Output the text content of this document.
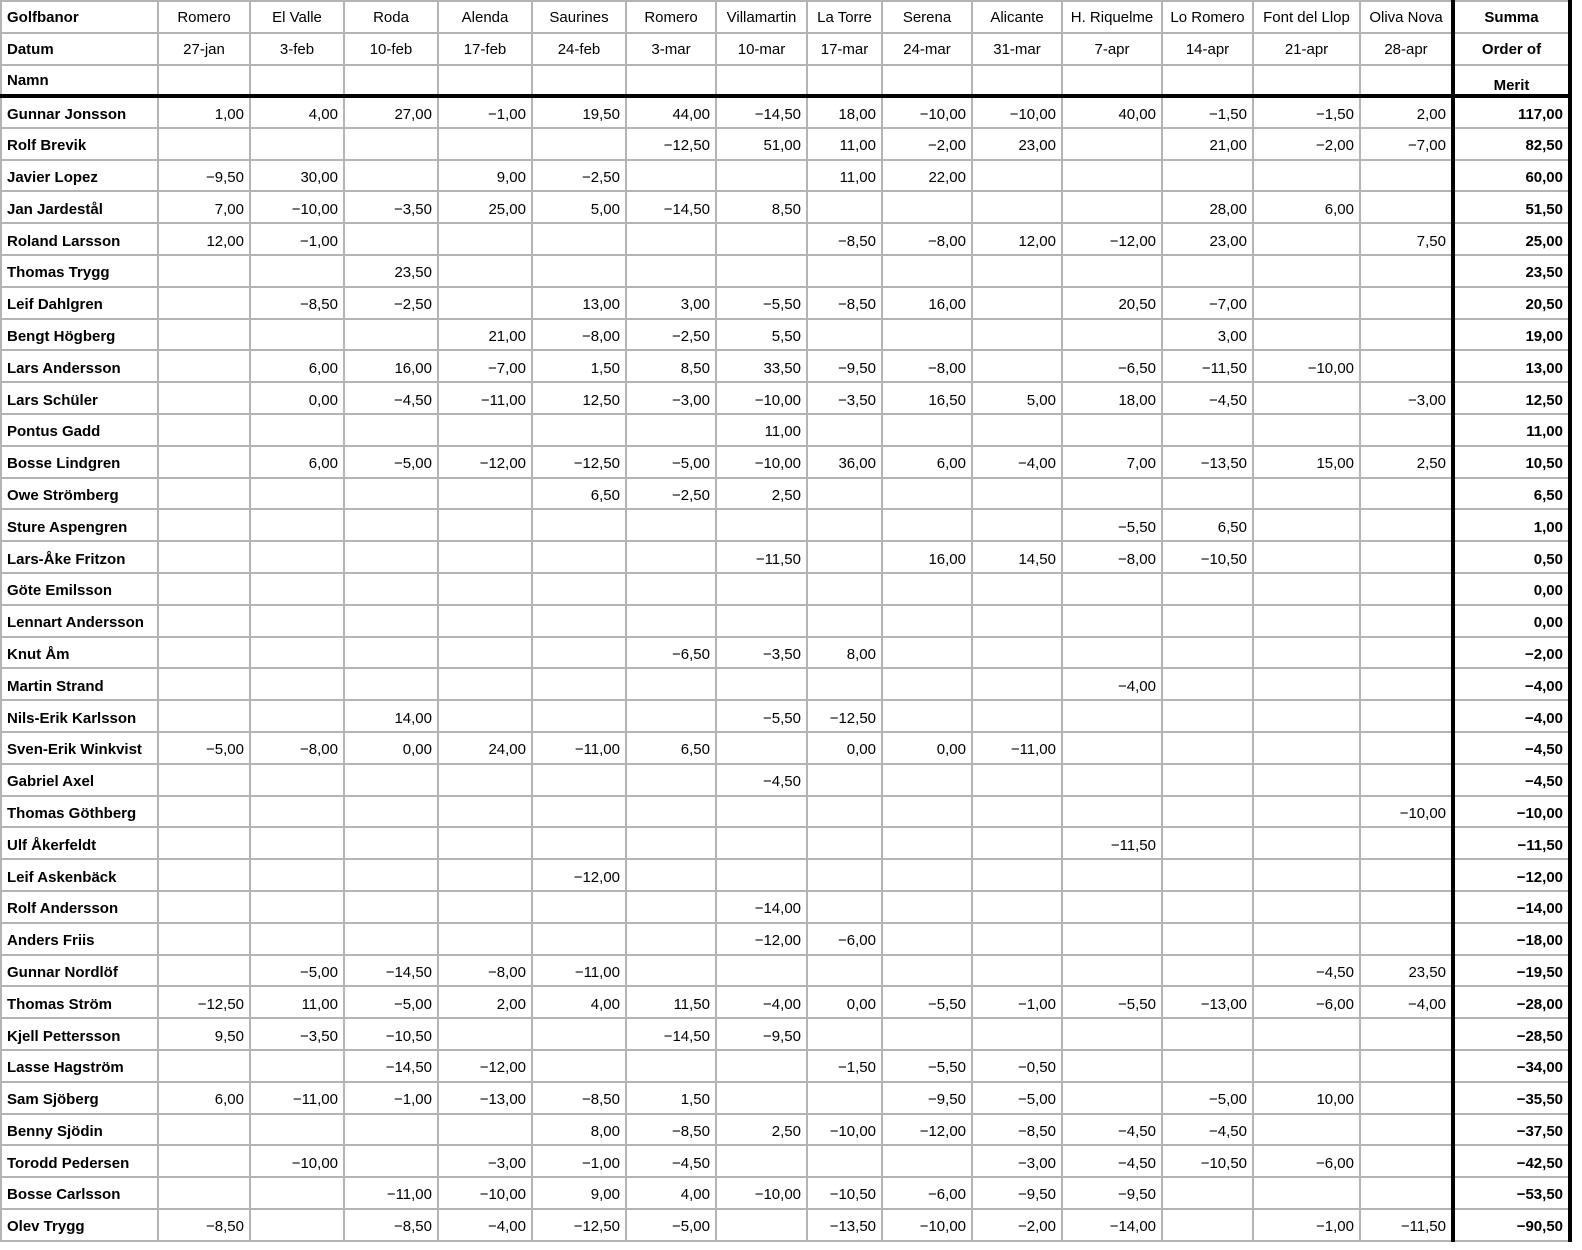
Golfbanor	Romero	El Valle	Roda	Alenda	Saurines	Romero	Villamartin	La Torre	Serena	Alicante	H. Riquelme	Lo Romero	Font del Llop	Oliva Nova	Summa
Datum	27-jan	3-feb	10-feb	17-feb	24-feb	3-mar	10-mar	17-mar	24-mar	31-mar	7-apr	14-apr	21-apr	28-apr	Order of
Namn															Merit
Gunnar Jonsson	1,00	4,00	27,00	−1,00	19,50	44,00	−14,50	18,00	−10,00	−10,00	40,00	−1,50	−1,50	2,00	117,00
Rolf Brevik						−12,50	51,00	11,00	−2,00	23,00		21,00	−2,00	−7,00	82,50
Javier Lopez	−9,50	30,00		9,00	−2,50			11,00	22,00						60,00
Jan Jardestål	7,00	−10,00	−3,50	25,00	5,00	−14,50	8,50					28,00	6,00		51,50
Roland Larsson	12,00	−1,00						−8,50	−8,00	12,00	−12,00	23,00		7,50	25,00
Thomas Trygg			23,50												23,50
Leif Dahlgren		−8,50	−2,50		13,00	3,00	−5,50	−8,50	16,00		20,50	−7,00			20,50
Bengt Högberg				21,00	−8,00	−2,50	5,50					3,00			19,00
Lars Andersson		6,00	16,00	−7,00	1,50	8,50	33,50	−9,50	−8,00		−6,50	−11,50	−10,00		13,00
Lars Schüler		0,00	−4,50	−11,00	12,50	−3,00	−10,00	−3,50	16,50	5,00	18,00	−4,50		−3,00	12,50
Pontus Gadd							11,00								11,00
Bosse Lindgren		6,00	−5,00	−12,00	−12,50	−5,00	−10,00	36,00	6,00	−4,00	7,00	−13,50	15,00	2,50	10,50
Owe Strömberg					6,50	−2,50	2,50								6,50
Sture Aspengren											−5,50	6,50			1,00
Lars-Åke Fritzon							−11,50		16,00	14,50	−8,00	−10,50			0,50
Göte Emilsson															0,00
Lennart Andersson															0,00
Knut Åm						−6,50	−3,50	8,00							−2,00
Martin Strand											−4,00				−4,00
Nils-Erik Karlsson			14,00				−5,50	−12,50							−4,00
Sven-Erik Winkvist	−5,00	−8,00	0,00	24,00	−11,00	6,50		0,00	0,00	−11,00					−4,50
Gabriel Axel							−4,50								−4,50
Thomas Göthberg														−10,00	−10,00
Ulf Åkerfeldt											−11,50				−11,50
Leif Askenbäck					−12,00										−12,00
Rolf Andersson							−14,00								−14,00
Anders Friis							−12,00	−6,00							−18,00
Gunnar Nordlöf		−5,00	−14,50	−8,00	−11,00								−4,50	23,50	−19,50
Thomas Ström	−12,50	11,00	−5,00	2,00	4,00	11,50	−4,00	0,00	−5,50	−1,00	−5,50	−13,00	−6,00	−4,00	−28,00
Kjell Pettersson	9,50	−3,50	−10,50			−14,50	−9,50								−28,50
Lasse Hagström			−14,50	−12,00				−1,50	−5,50	−0,50					−34,00
Sam Sjöberg	6,00	−11,00	−1,00	−13,00	−8,50	1,50			−9,50	−5,00		−5,00	10,00		−35,50
Benny Sjödin					8,00	−8,50	2,50	−10,00	−12,00	−8,50	−4,50	−4,50			−37,50
Torodd Pedersen		−10,00		−3,00	−1,00	−4,50				−3,00	−4,50	−10,50	−6,00		−42,50
Bosse Carlsson			−11,00	−10,00	9,00	4,00	−10,00	−10,50	−6,00	−9,50	−9,50				−53,50
Olev Trygg	−8,50		−8,50	−4,00	−12,50	−5,00		−13,50	−10,00	−2,00	−14,00		−1,00	−11,50	−90,50
